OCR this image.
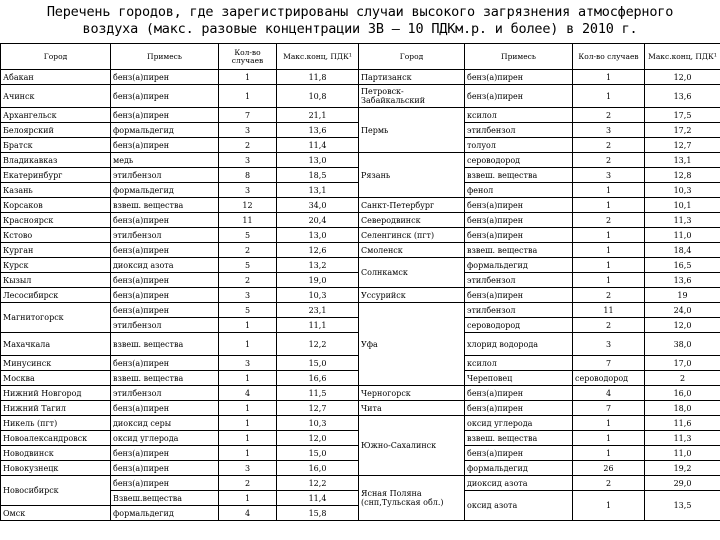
Перечень городов, где зарегистрированы случаи высокого загрязнения атмосферного
воздуха (макс. разовые концентрации 3В – 10 ПДКм.р. и более) в 2010 г.
Город	Примесь	Кол-во случаев	Макс.конц, ПДК¹	Город	Примесь	Кол-во случаев	Макс.конц, ПДК¹	
Абакан	бенз(а)пирен	1	11,8	Партизанск	бенз(а)пирен	1	12,0	
Ачинск	бенз(а)пирен	1	10,8	Петровск-Забайкальский	бенз(а)пирен	1	13,6	
Архангельск	бенз(а)пирен	7	21,1	Пермь	ксилол	2	17,5	
Белоярский	формальдегид	3	13,6		этилбензол	3	17,2	
Братск	бенз(а)пирен	2	11,4		толуол	2	12,7	
Владикавказ	медь	3	13,0	Рязань	сероводород	2	13,1	
Екатеринбург	этилбензол	8	18,5		взвеш. вещества	3	12,8	
Казань	формальдегид	3	13,1		фенол	1	10,3	
Корсаков	взвеш. вещества	12	34,0	Санкт-Петербург	бенз(а)пирен	1	10,1	
Красноярск	бенз(а)пирен	11	20,4	Северодвинск	бенз(а)пирен	2	11,3	
Кстово	этилбензол	5	13,0	Селенгинск (пгт)	бенз(а)пирен	1	11,0	
Курган	бенз(а)пирен	2	12,6	Смоленск	взвеш. вещества	1	18,4	
Курск	диоксид азота	5	13,2	Солнкамск	формальдегид	1	16,5	
Кызыл	бенз(а)пирен	2	19,0		этилбензол	1	13,6	
Лесосибирск	бенз(а)пирен	3	10,3	Уссурийск	бенз(а)пирен	2	19	
Магнитогорск	бенз(а)пирен	5	23,1	Уфа	этилбензол	11	24,0	
	этилбензол	1	11,1		сероводород	2	12,0	
Махачкала	взвеш. вещества	1	12,2		хлорид водорода	3	38,0	
Минусинск	бенз(а)пирен	3	15,0		ксилол	7	17,0	
Москва	взвеш. вещества	1	16,6		Череповец	сероводород	2	
Нижний Новгород	этилбензол	4	11,5	Черногорск	бенз(а)пирен	4	16,0	
Нижний Тагил	бенз(а)пирен	1	12,7	Чита	бенз(а)пирен	7	18,0	
Никель (пгт)	диоксид серы	1	10,3	Южно-Сахалинск	оксид углерода	1	11,6	
Новоалександровск	оксид углерода	1	12,0		взвеш. вещества	1	11,3	
Новодвинск	бенз(а)пирен	1	15,0		бенз(а)пирен	1	11,0	
Новокузнецк	бенз(а)пирен	3	16,0		формальдегид	26	19,2	
Новосибирск	бенз(а)пирен	2	12,2	Ясная Поляна (снп,Тульская обл.)	диоксид азота	2	29,0	
	Взвеш.вещества	1	11,4		оксид азота	1	13,5	
Омск	формальдегид	4	15,8					
